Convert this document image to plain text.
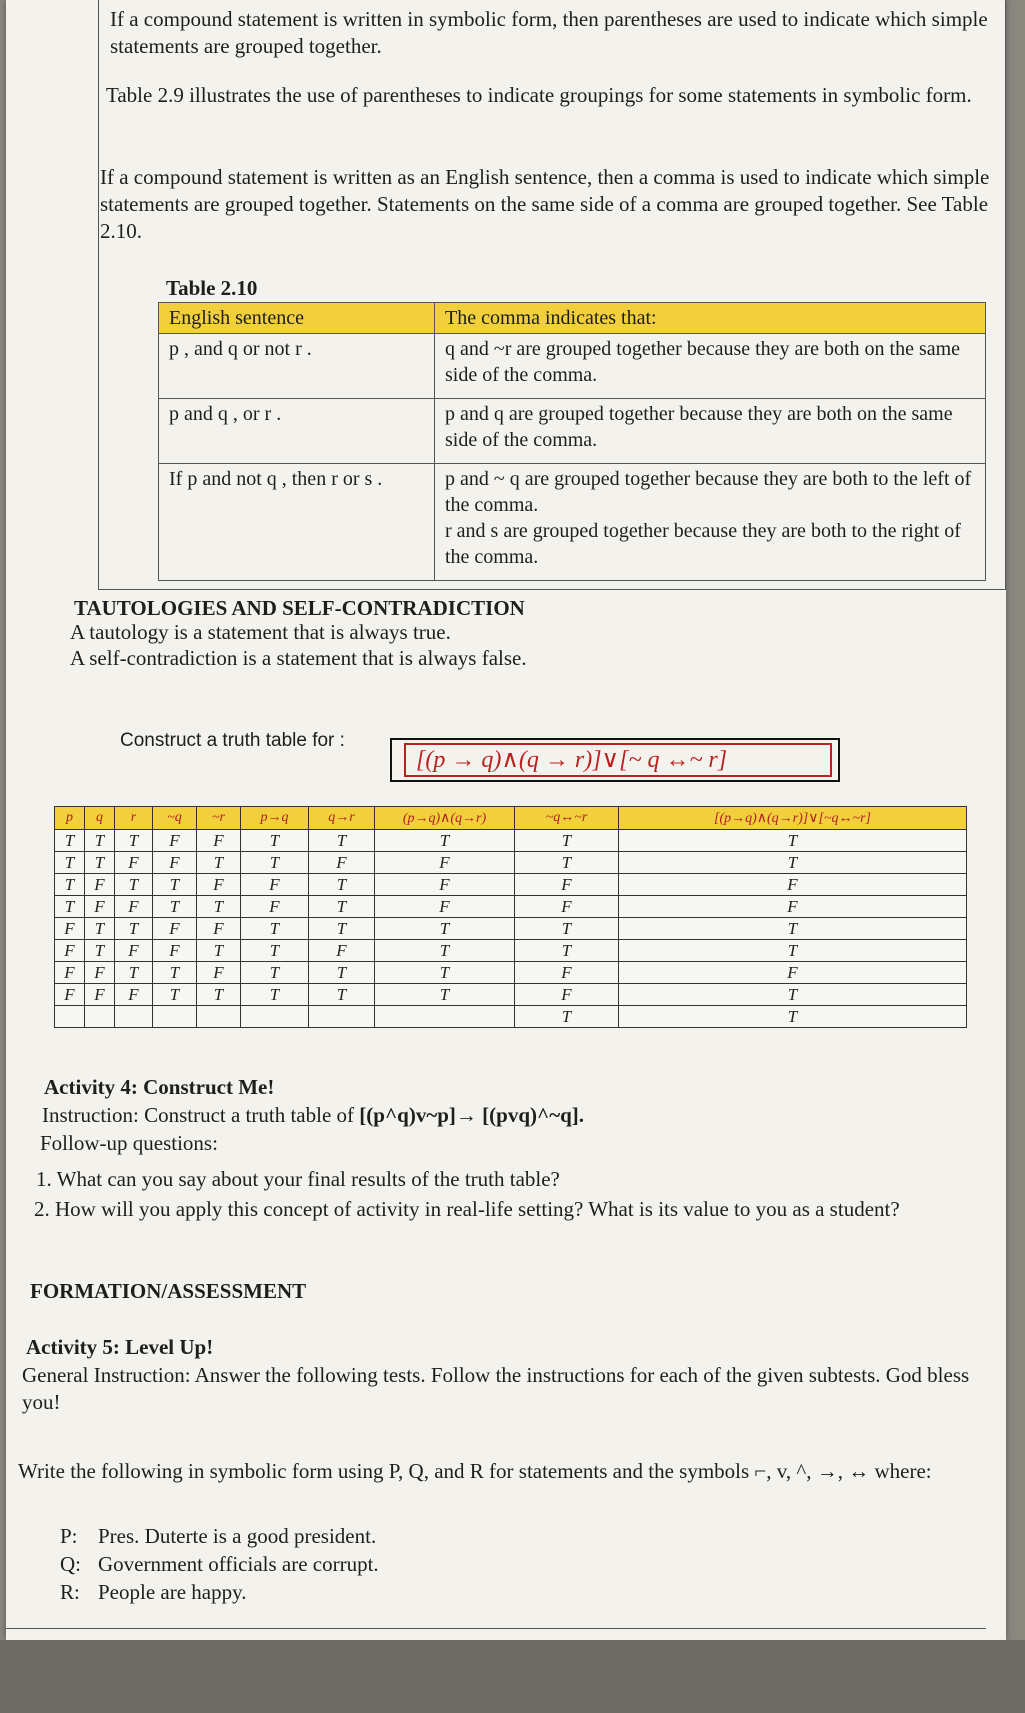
If a compound statement is written in symbolic form, then parentheses are used to indicate which simple statements are grouped together.

Table 2.9 illustrates the use of parentheses to indicate groupings for some statements in symbolic form.

If a compound statement is written as an English sentence, then a comma is used to indicate which simple statements are grouped together. Statements on the same side of a comma are grouped together. See Table 2.10.

Table 2.10
English sentence	The comma indicates that:
p , and q or not r .	q and ~r are grouped together because they are both on the same side of the comma.
p and q , or r .	p and q are grouped together because they are both on the same side of the comma.
If p and not q , then r or s .	p and ~ q are grouped together because they are both to the left of the comma.
r and s are grouped together because they are both to the right of the comma.
TAUTOLOGIES AND SELF-CONTRADICTION
A tautology is a statement that is always true.
A self-contradiction is a statement that is always false.
Construct a truth table for :
[(p → q)∧(q → r)]∨[~ q ↔~ r]
p	q	r	~q	~r	p→q	q→r	(p→q)∧(q→r)	~q↔~r	[(p→q)∧(q→r)]∨[~q↔~r]
T	T	T	F	F	T	T	T	T	T
T	T	F	F	T	T	F	F	T	T
T	F	T	T	F	F	T	F	F	F
T	F	F	T	T	F	T	F	F	F
F	T	T	F	F	T	T	T	T	T
F	T	F	F	T	T	F	T	T	T
F	F	T	T	F	T	T	T	F	F
F	F	F	T	T	T	T	T	F	T
								T	T
Activity 4: Construct Me!
Instruction: Construct a truth table of [(p^q)v~p]→ [(pvq)^~q].
Follow-up questions:
1. What can you say about your final results of the truth table?
2. How will you apply this concept of activity in real-life setting? What is its value to you as a student?
FORMATION/ASSESSMENT
Activity 5: Level Up!
General Instruction: Answer the following tests. Follow the instructions for each of the given subtests. God bless you!
Write the following in symbolic form using P, Q, and R for statements and the symbols ⌐, v, ^, →, ↔ where:
P: Pres. Duterte is a good president.
Q: Government officials are corrupt.
R: People are happy.
